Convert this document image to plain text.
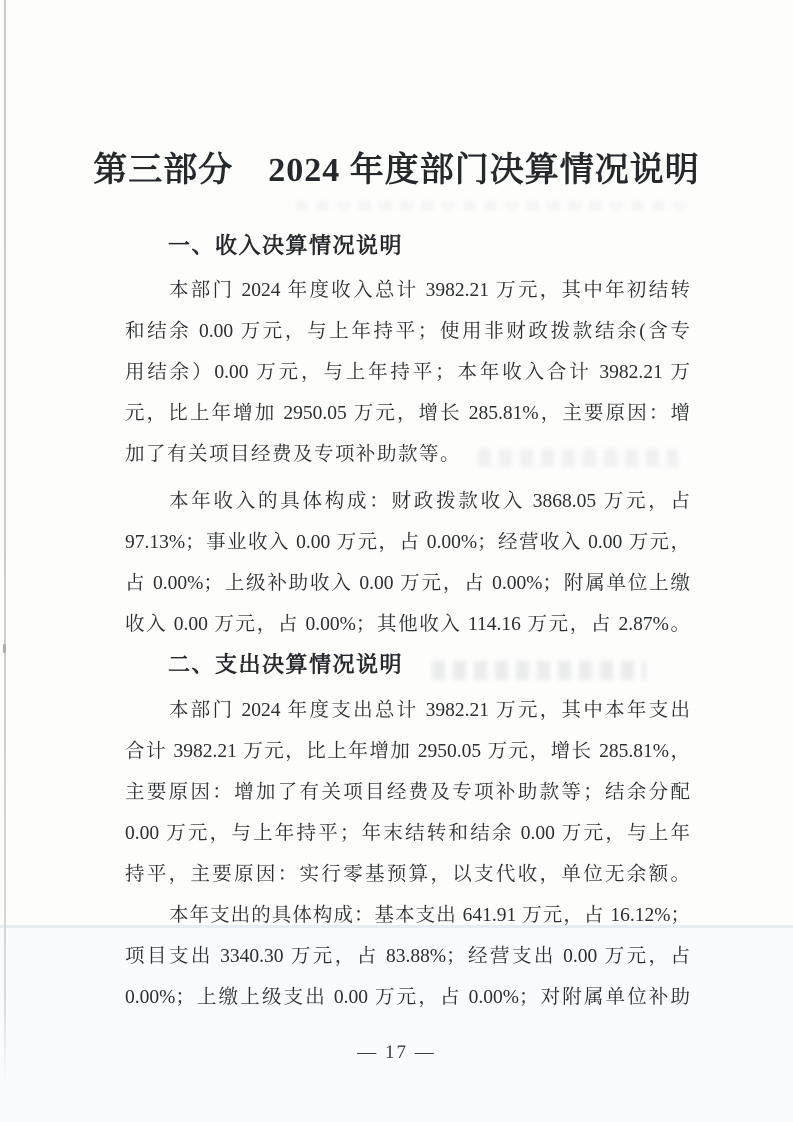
第三部分　2024 年度部门决算情况说明
一、收入决算情况说明
本部门 2024 年度收入总计 3982.21 万元，其中年初结转
和结余 0.00 万元，与上年持平；使用非财政拨款结余(含专
用结余）0.00 万元，与上年持平；本年收入合计 3982.21 万
元，比上年增加 2950.05 万元，增长 285.81%，主要原因：增
加了有关项目经费及专项补助款等。
本年收入的具体构成：财政拨款收入 3868.05 万元，占
97.13%；事业收入 0.00 万元，占 0.00%；经营收入 0.00 万元，
占 0.00%；上级补助收入 0.00 万元，占 0.00%；附属单位上缴
收入 0.00 万元，占 0.00%；其他收入 114.16 万元，占 2.87%。
二、支出决算情况说明
本部门 2024 年度支出总计 3982.21 万元，其中本年支出
合计 3982.21 万元，比上年增加 2950.05 万元，增长 285.81%，
主要原因：增加了有关项目经费及专项补助款等；结余分配
0.00 万元，与上年持平；年末结转和结余 0.00 万元，与上年
持平，主要原因：实行零基预算，以支代收，单位无余额。
本年支出的具体构成：基本支出 641.91 万元，占 16.12%；
项目支出 3340.30 万元，占 83.88%；经营支出 0.00 万元，占
0.00%；上缴上级支出 0.00 万元，占 0.00%；对附属单位补助
— 17 —
